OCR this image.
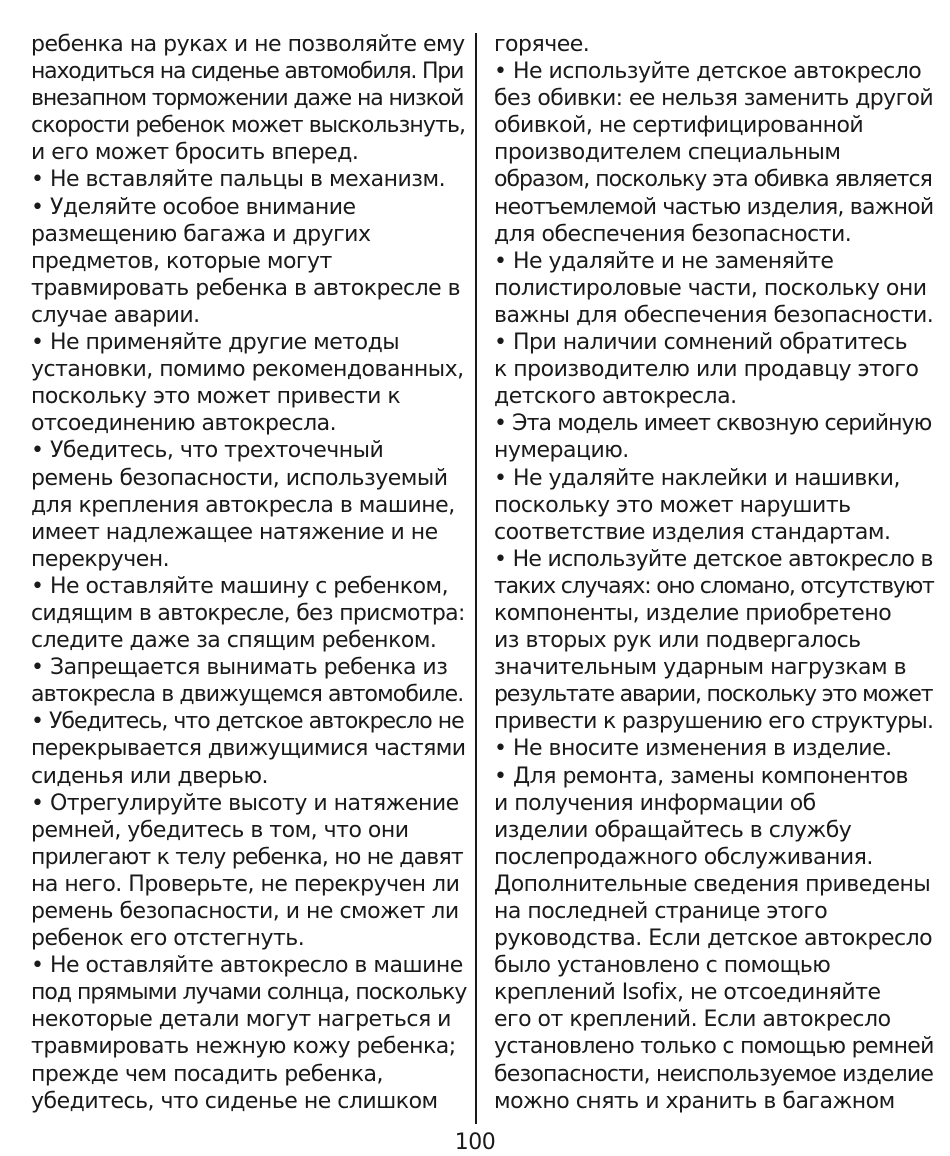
ребенка на руках и не позволяйте ему
находиться на сиденье автомобиля. При
внезапном торможении даже на низкой
скорости ребенок может выскользнуть,
и его может бросить вперед.
• Не вставляйте пальцы в механизм.
• Уделяйте особое внимание
размещению багажа и других
предметов, которые могут
травмировать ребенка в автокресле в
случае аварии.
• Не применяйте другие методы
установки, помимо рекомендованных,
поскольку это может привести к
отсоединению автокресла.
• Убедитесь, что трехточечный
ремень безопасности, используемый
для крепления автокресла в машине,
имеет надлежащее натяжение и не
перекручен.
• Не оставляйте машину с ребенком,
сидящим в автокресле, без присмотра:
следите даже за спящим ребенком.
• Запрещается вынимать ребенка из
автокресла в движущемся автомобиле.
• Убедитесь, что детское автокресло не
перекрывается движущимися частями
сиденья или дверью.
• Отрегулируйте высоту и натяжение
ремней, убедитесь в том, что они
прилегают к телу ребенка, но не давят
на него. Проверьте, не перекручен ли
ремень безопасности, и не сможет ли
ребенок его отстегнуть.
• Не оставляйте автокресло в машине
под прямыми лучами солнца, поскольку
некоторые детали могут нагреться и
травмировать нежную кожу ребенка;
прежде чем посадить ребенка,
убедитесь, что сиденье не слишком
горячее.
• Не используйте детское автокресло
без обивки: ее нельзя заменить другой
обивкой, не сертифицированной
производителем специальным
образом, поскольку эта обивка является
неотъемлемой частью изделия, важной
для обеспечения безопасности.
• Не удаляйте и не заменяйте
полистироловые части, поскольку они
важны для обеспечения безопасности.
• При наличии сомнений обратитесь
к производителю или продавцу этого
детского автокресла.
• Эта модель имеет сквозную серийную
нумерацию.
• Не удаляйте наклейки и нашивки,
поскольку это может нарушить
соответствие изделия стандартам.
• Не используйте детское автокресло в
таких случаях: оно сломано, отсутствуют
компоненты, изделие приобретено
из вторых рук или подвергалось
значительным ударным нагрузкам в
результате аварии, поскольку это может
привести к разрушению его структуры.
• Не вносите изменения в изделие.
• Для ремонта, замены компонентов
и получения информации об
изделии обращайтесь в службу
послепродажного обслуживания.
Дополнительные сведения приведены
на последней странице этого
руководства. Если детское автокресло
было установлено с помощью
креплений Isofix, не отсоединяйте
его от креплений. Если автокресло
установлено только с помощью ремней
безопасности, неиспользуемое изделие
можно снять и хранить в багажном
100
